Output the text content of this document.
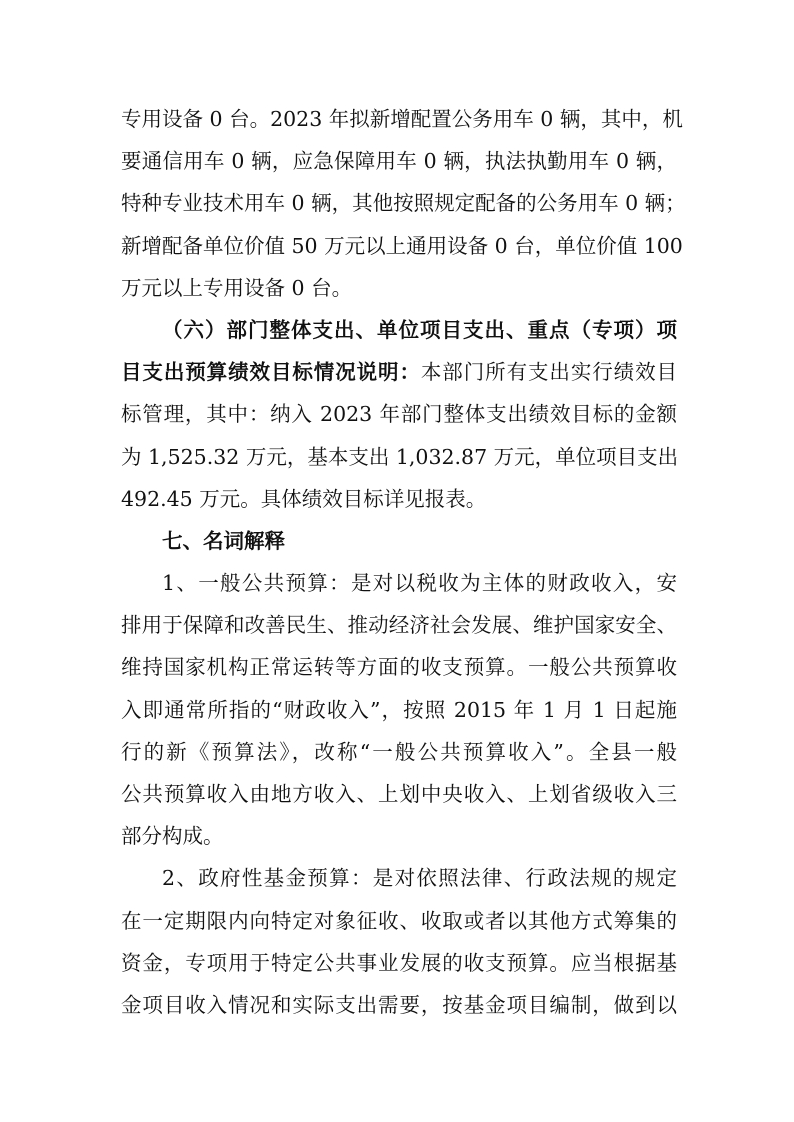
专用设备 0 台。2023 年拟新增配置公务用车 0 辆，其中，机
要通信用车 0 辆，应急保障用车 0 辆，执法执勤用车 0 辆，
特种专业技术用车 0 辆，其他按照规定配备的公务用车 0 辆；
新增配备单位价值 50 万元以上通用设备 0 台，单位价值 100
万元以上专用设备 0 台。
（六）部门整体支出、单位项目支出、重点（专项）项
目支出预算绩效目标情况说明：本部门所有支出实行绩效目
标管理，其中：纳入 2023 年部门整体支出绩效目标的金额
为 1,525.32 万元，基本支出 1,032.87 万元，单位项目支出
492.45 万元。具体绩效目标详见报表。
七、名词解释
1、一般公共预算：是对以税收为主体的财政收入，安
排用于保障和改善民生、推动经济社会发展、维护国家安全、
维持国家机构正常运转等方面的收支预算。一般公共预算收
入即通常所指的“财政收入”，按照 2015 年 1 月 1 日起施
行的新《预算法》，改称“一般公共预算收入”。全县一般
公共预算收入由地方收入、上划中央收入、上划省级收入三
部分构成。
2、政府性基金预算：是对依照法律、行政法规的规定
在一定期限内向特定对象征收、收取或者以其他方式筹集的
资金，专项用于特定公共事业发展的收支预算。应当根据基
金项目收入情况和实际支出需要，按基金项目编制，做到以
